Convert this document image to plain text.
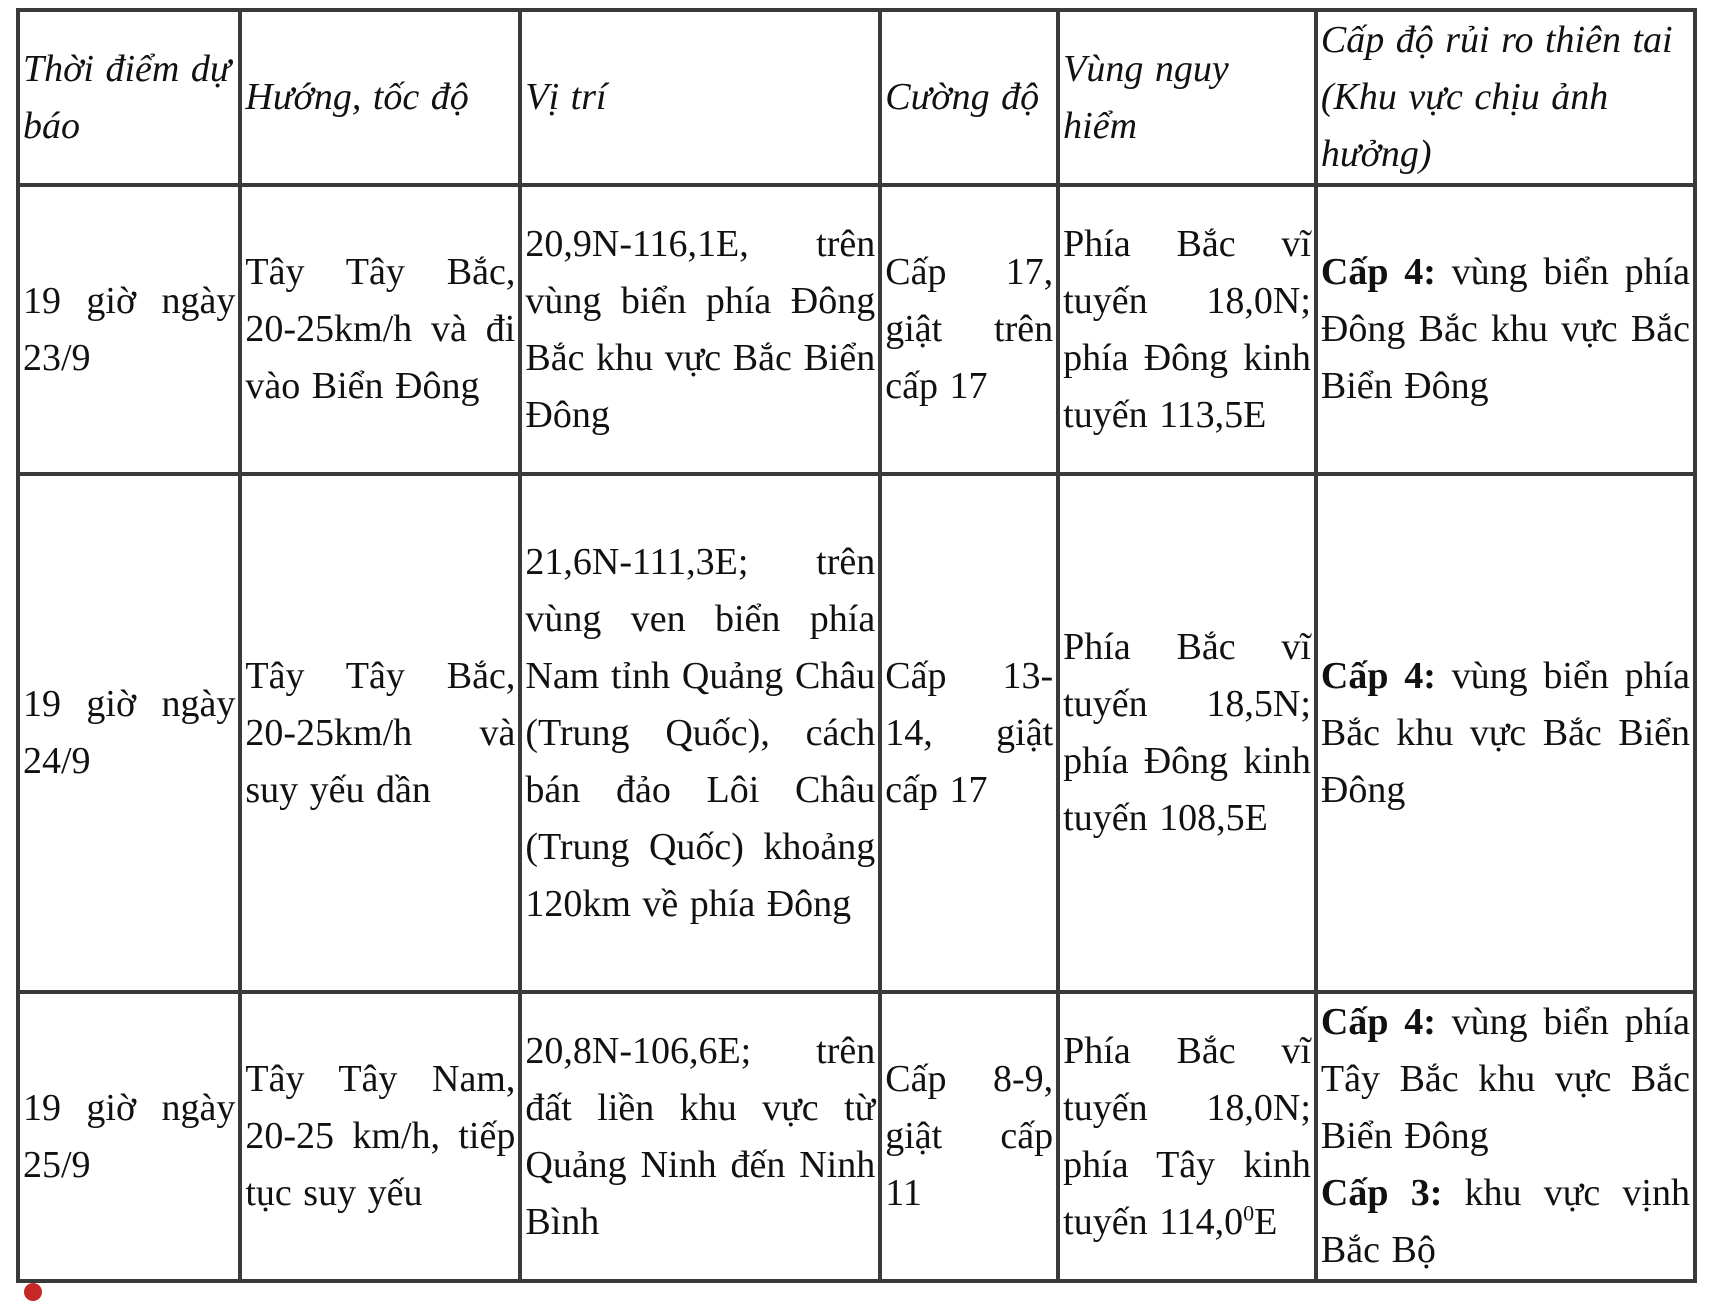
Thời điểm dự báo	Hướng, tốc độ	Vị trí	Cường độ	Vùng nguy hiểm	Cấp độ rủi ro thiên tai (Khu vực chịu ảnh hưởng)
19 giờ ngày 23/9	Tây Tây Bắc, 20-25km/h và đi vào Biển Đông	20,9N-116,1E, trên vùng biển phía Đông Bắc khu vực Bắc Biển Đông	Cấp 17, giật trên cấp 17	Phía Bắc vĩ tuyến 18,0N; phía Đông kinh tuyến 113,5E	Cấp 4: vùng biển phía Đông Bắc khu vực Bắc Biển Đông

19 giờ ngày 24/9	Tây Tây Bắc, 20-25km/h và suy yếu dần	21,6N-111,3E; trên vùng ven biển phía Nam tỉnh Quảng Châu (Trung Quốc), cách bán đảo Lôi Châu (Trung Quốc) khoảng 120km về phía Đông	Cấp 13-14, giật cấp 17	Phía Bắc vĩ tuyến 18,5N; phía Đông kinh tuyến 108,5E	Cấp 4: vùng biển phía Bắc khu vực Bắc Biển Đông

19 giờ ngày 25/9	Tây Tây Nam, 20-25 km/h, tiếp tục suy yếu	20,8N-106,6E; trên đất liền khu vực từ Quảng Ninh đến Ninh Bình	Cấp 8-9, giật cấp 11	Phía Bắc vĩ tuyến 18,0N; phía Tây kinh tuyến 114,0$^0$E	Cấp 4: vùng biển phía Tây Bắc khu vực Bắc Biển Đông
Cấp 3: khu vực vịnh Bắc Bộ
